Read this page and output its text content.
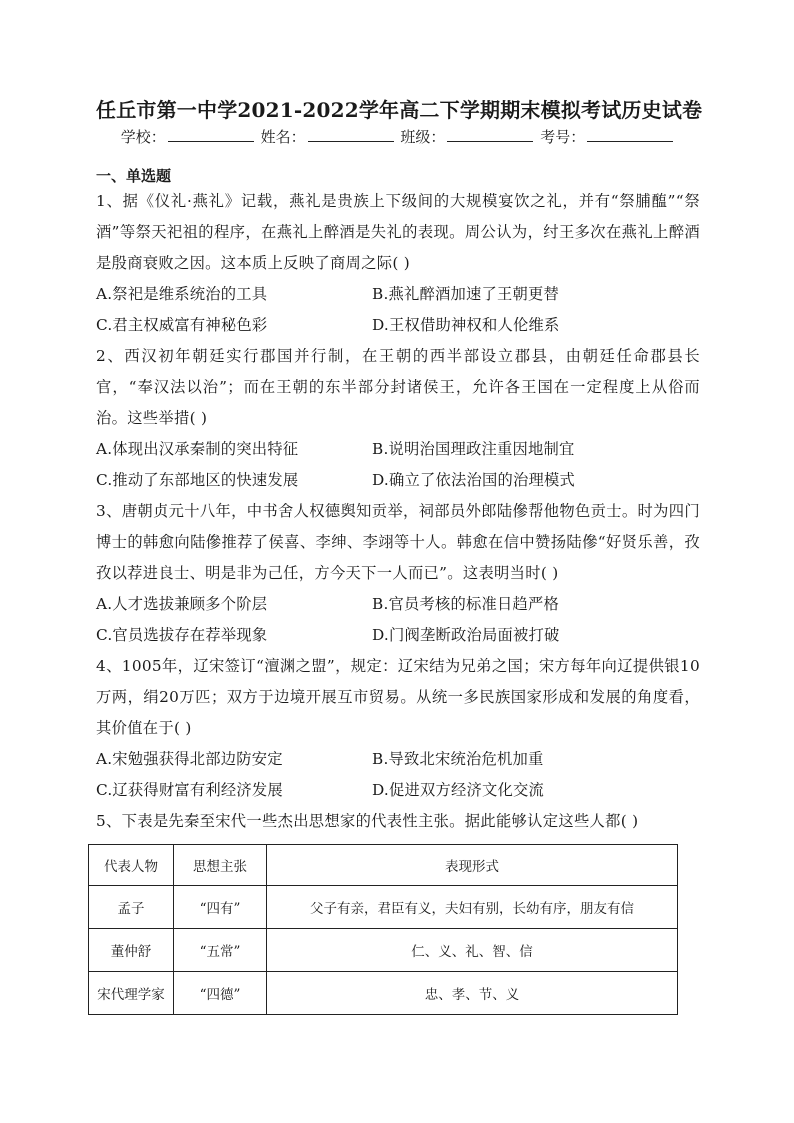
任丘市第一中学2021-2022学年高二下学期期末模拟考试历史试卷
学校：	姓名：	班级：	考号：
一、单选题
1、据《仪礼·燕礼》记载，燕礼是贵族上下级间的大规模宴饮之礼，并有“祭脯醢”“祭酒”等祭天祀祖的程序，在燕礼上醉酒是失礼的表现。周公认为，纣王多次在燕礼上醉酒是殷商衰败之因。这本质上反映了商周之际( )
A.祭祀是维系统治的工具	B.燕礼醉酒加速了王朝更替
C.君主权威富有神秘色彩	D.王权借助神权和人伦维系
2、西汉初年朝廷实行郡国并行制，在王朝的西半部设立郡县，由朝廷任命郡县长官，“奉汉法以治”；而在王朝的东半部分封诸侯王，允许各王国在一定程度上从俗而治。这些举措( )
A.体现出汉承秦制的突出特征	B.说明治国理政注重因地制宜
C.推动了东部地区的快速发展	D.确立了依法治国的治理模式
3、唐朝贞元十八年，中书舍人权德舆知贡举，祠部员外郎陆傪帮他物色贡士。时为四门博士的韩愈向陆傪推荐了侯喜、李绅、李翊等十人。韩愈在信中赞扬陆傪“好贤乐善，孜孜以荐进良士、明是非为己任，方今天下一人而已”。这表明当时( )
A.人才选拔兼顾多个阶层	B.官员考核的标准日趋严格
C.官员选拔存在荐举现象	D.门阀垄断政治局面被打破
4、1005年，辽宋签订“澶渊之盟”，规定：辽宋结为兄弟之国；宋方每年向辽提供银10万两，绢20万匹；双方于边境开展互市贸易。从统一多民族国家形成和发展的角度看，其价值在于( )
A.宋勉强获得北部边防安定	B.导致北宋统治危机加重
C.辽获得财富有利经济发展	D.促进双方经济文化交流
5、下表是先秦至宋代一些杰出思想家的代表性主张。据此能够认定这些人都( )
代表人物	思想主张	表现形式
孟子	“四有”	父子有亲，君臣有义，夫妇有别，长幼有序，朋友有信
董仲舒	“五常”	仁、义、礼、智、信
宋代理学家	“四德”	忠、孝、节、义
